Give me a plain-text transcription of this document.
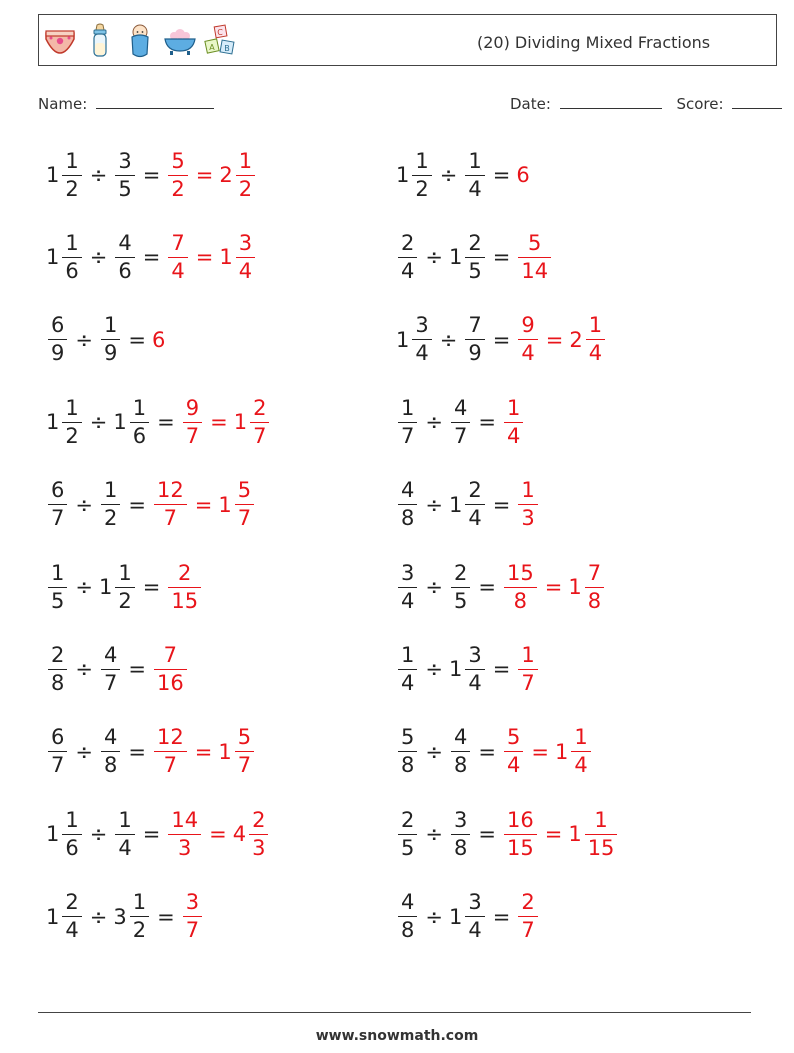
C
A B	(20) Dividing Mixed Fractions
Name:	Date:	Score:
$1 \frac{1}{2} \div \frac{3}{5} = \frac{5}{2} = 2 \frac{1}{2}$	$1 \frac{1}{2} \div \frac{1}{4} = 6$
$1 \frac{1}{6} \div \frac{4}{6} = \frac{7}{4} = 1 \frac{3}{4}$	$\frac{2}{4} \div 1 \frac{2}{5} = \frac{5}{14}$
$\frac{6}{9} \div \frac{1}{9} = 6$	$1 \frac{3}{4} \div \frac{7}{9} = \frac{9}{4} = 2 \frac{1}{4}$
$1 \frac{1}{2} \div 1 \frac{1}{6} = \frac{9}{7} = 1 \frac{2}{7}$	$\frac{1}{7} \div \frac{4}{7} = \frac{1}{4}$
$\frac{6}{7} \div \frac{1}{2} = \frac{12}{7} = 1 \frac{5}{7}$	$\frac{4}{8} \div 1 \frac{2}{4} = \frac{1}{3}$
$\frac{1}{5} \div 1 \frac{1}{2} = \frac{2}{15}$	$\frac{3}{4} \div \frac{2}{5} = \frac{15}{8} = 1 \frac{7}{8}$
$\frac{2}{8} \div \frac{4}{7} = \frac{7}{16}$	$\frac{1}{4} \div 1 \frac{3}{4} = \frac{1}{7}$
$\frac{6}{7} \div \frac{4}{8} = \frac{12}{7} = 1 \frac{5}{7}$	$\frac{5}{8} \div \frac{4}{8} = \frac{5}{4} = 1 \frac{1}{4}$
$1 \frac{1}{6} \div \frac{1}{4} = \frac{14}{3} = 4 \frac{2}{3}$	$\frac{2}{5} \div \frac{3}{8} = \frac{16}{15} = 1 \frac{1}{15}$
$1 \frac{2}{4} \div 3 \frac{1}{2} = \frac{3}{7}$	$\frac{4}{8} \div 1 \frac{3}{4} = \frac{2}{7}$
www.snowmath.com
